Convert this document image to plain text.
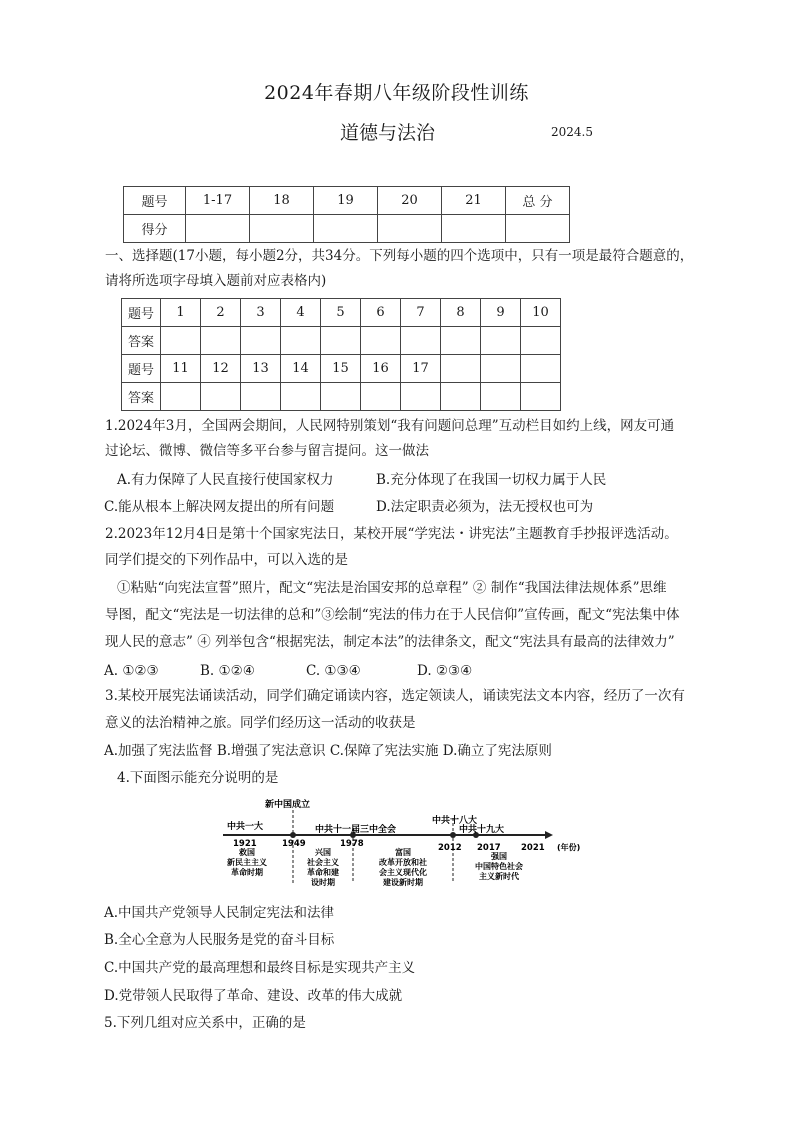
2024年春期八年级阶段性训练
道德与法治	2024.5
题号	1-17	18	19	20	21	总 分
得分						
一、选择题(17小题，每小题2分，共34分。下列每小题的四个选项中，只有一项是最符合题意的，
请将所选项字母填入题前对应表格内)
题号	1	2	3	4	5	6	7	8	9	10
答案										
题号	11	12	13	14	15	16	17			
答案										
1.2024年3月，全国两会期间，人民网特别策划“我有问题问总理”互动栏目如约上线，网友可通
过论坛、微博、微信等多平台参与留言提问。这一做法
A.有力保障了人民直接行使国家权力	B.充分体现了在我国一切权力属于人民
C.能从根本上解决网友提出的所有问题	D.法定职责必须为，法无授权也可为
2.2023年12月4日是第十个国家宪法日，某校开展“学宪法・讲宪法”主题教育手抄报评选活动。
同学们提交的下列作品中，可以入选的是
①粘贴“向宪法宣誓”照片，配文“宪法是治国安邦的总章程” ② 制作“我国法律法规体系”思维
导图，配文“宪法是一切法律的总和”③绘制“宪法的伟力在于人民信仰”宣传画，配文“宪法集中体
现人民的意志” ④ 列举包含“根据宪法，制定本法”的法律条文，配文“宪法具有最高的法律效力”
A. ①②③	B. ①②④	C. ①③④	D. ②③④
3.某校开展宪法诵读活动，同学们确定诵读内容，选定领读人，诵读宪法文本内容，经历了一次有
意义的法治精神之旅。同学们经历这一活动的收获是
A.加强了宪法监督 B.增强了宪法意识 C.保障了宪法实施 D.确立了宪法原则
4.下面图示能充分说明的是
新中国成立
中共十八大
中共一大	中共十一届三中全会	中共十九大
(年份)
1921	1949	1978	2012 2017 2021
救国
新民主主义
革命时期
兴国
社会主义
革命和建
设时期
富国
改革开放和社
会主义现代化
建设新时期
强国
中国特色社会
主义新时代
A.中国共产党领导人民制定宪法和法律
B.全心全意为人民服务是党的奋斗目标
C.中国共产党的最高理想和最终目标是实现共产主义
D.党带领人民取得了革命、建设、改革的伟大成就
5.下列几组对应关系中，正确的是
